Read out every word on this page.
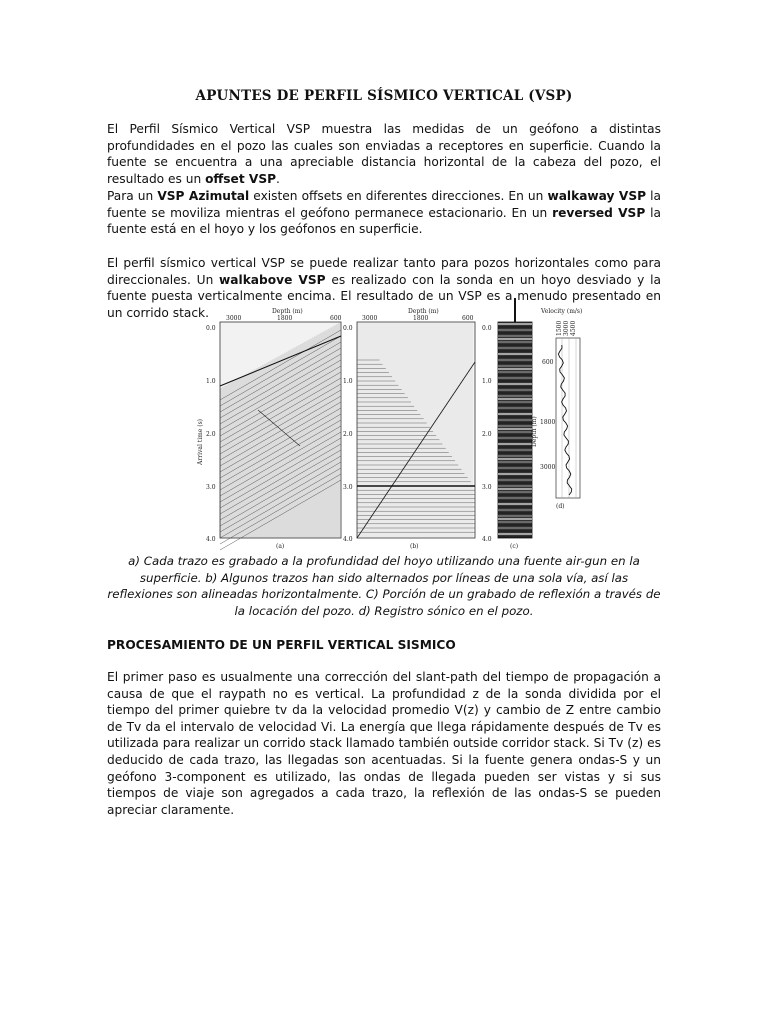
APUNTES DE PERFIL SÍSMICO VERTICAL (VSP)

El Perfil Sísmico Vertical VSP muestra las medidas de un geófono a distintas profundidades en el pozo las cuales son enviadas a receptores en superficie. Cuando la fuente se encuentra a una apreciable distancia horizontal de la cabeza del pozo, el resultado es un offset VSP.

Para un VSP Azimutal existen offsets en diferentes direcciones. En un walkaway VSP la fuente se moviliza mientras el geófono permanece estacionario. En un reversed VSP la fuente está en el hoyo y los geófonos en superficie.

El perfil sísmico vertical VSP se puede realizar tanto para pozos horizontales como para direccionales. Un walkabove VSP es realizado con la sonda en un hoyo desviado y la fuente puesta verticalmente encima. El resultado de un VSP es a menudo presentado en un corrido stack.	Depth (m)
3000	1800	600
0.0
1.0
2.0
3.0
4.0
Arrival time (s)
(a)
Depth (m)
3000	1800	600
0.0
1.0
2.0
3.0
4.0
(b)
0.0
1.0
2.0
3.0
4.0
(c)
Velocity (m/s)
1500 3000 4500
Depth (m)
600
1800
3000
(d)

a) Cada trazo es grabado a la profundidad del hoyo utilizando una fuente air-gun en la superficie. b) Algunos trazos han sido alternados por líneas de una sola vía, así las reflexiones son alineadas horizontalmente. C) Porción de un grabado de reflexión a través de la locación del pozo. d) Registro sónico en el pozo.

PROCESAMIENTO DE UN PERFIL VERTICAL SISMICO

El primer paso es usualmente una corrección del slant-path del tiempo de propagación a causa de que el raypath no es vertical. La profundidad z de la sonda dividida por el tiempo del primer quiebre tv da la velocidad promedio V(z) y cambio de Z entre cambio de Tv da el intervalo de velocidad Vi. La energía que llega rápidamente después de Tv es utilizada para realizar un corrido stack llamado también outside corridor stack. Si Tv (z) es deducido de cada trazo, las llegadas son acentuadas. Si la fuente genera ondas-S y un geófono 3-component es utilizado, las ondas de llegada pueden ser vistas y si sus tiempos de viaje son agregados a cada trazo, la reflexión de las ondas-S se pueden apreciar claramente.
